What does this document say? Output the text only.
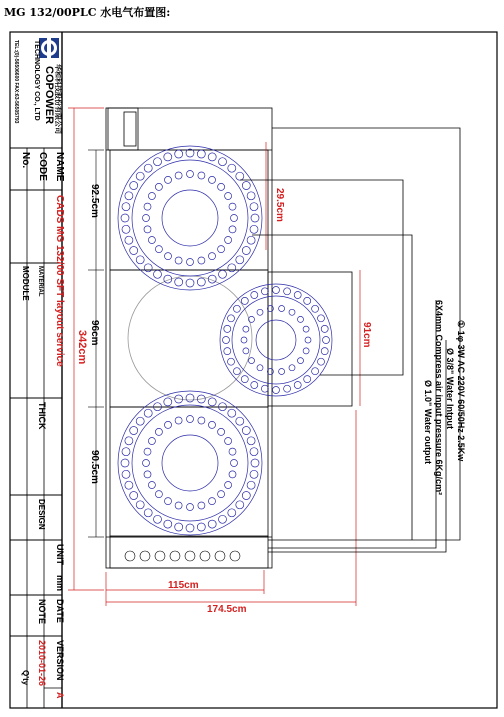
MG 132/00PLC 水电气布置图:
华和科技股份有限公司
COPOWER
TECHNOLOGY CO., LTD
TEL:(0)-56506600 FAX:63-56505793
NAME
CODE
No.
CADS MG 132/00 SFT layout service
MATERIAL
MODULE
THICK
DESIGN
UNIT
mm
DATE
NOTE
VERSION
2010-01-26
Q'ty
A
92.5cm
96cm
90.5cm
342cm
29.5cm
91cm
115cm
174.5cm
① 1φ 3W AC 220V 60/50Hz 2.5Kw
Ø 3/8" Water Intput
6X4mm Compress air input pressure 6Kg/cm²
Ø 1.0" Water output
